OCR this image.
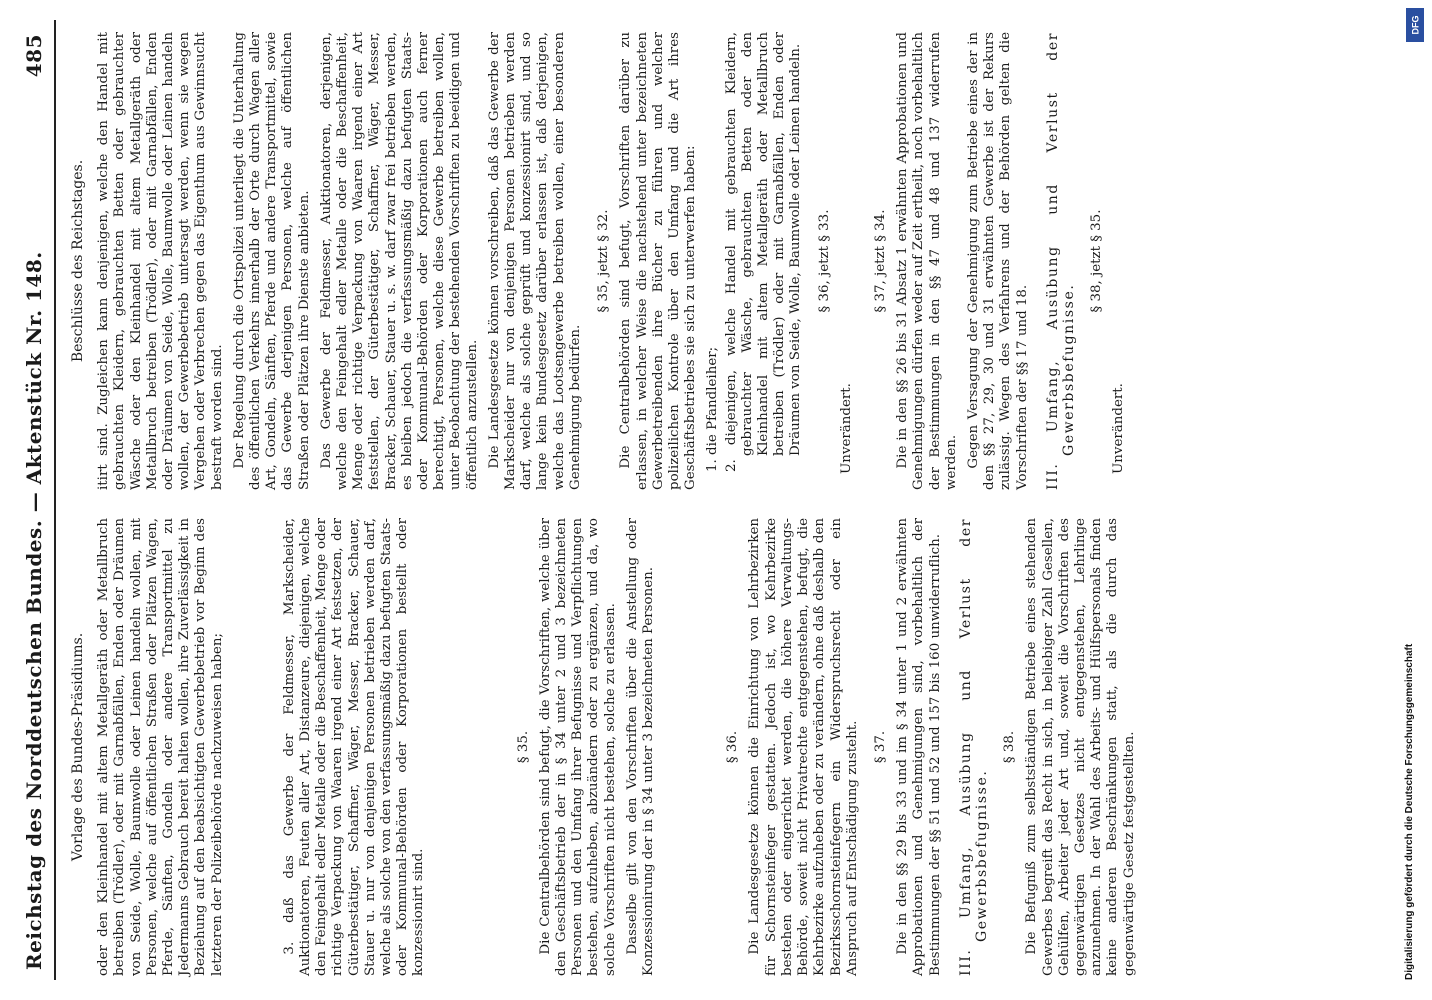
Reichstag des Norddeutschen Bundes. — Aktenstück Nr. 148.
485
Vorlage des Bundes-Präsidiums. oder den Kleinhandel mit altem Metallgeräth oder Metallbruch betreiben (Trödler), oder mit Garnabfällen, Enden oder Dräumen von Seide, Wolle, Baumwolle oder Leinen handeln wollen, mit Personen, welche auf öffentlichen Straßen oder Plätzen Wagen, Pferde, Sänften, Gondeln oder andere Transportmittel zu Jedermanns Gebrauch bereit halten wollen, ihre Zuverlässigkeit in Beziehung auf den beabsichtigten Gewerbebetrieb vor Beginn des letzteren der Polizeibehörde nachzuweisen haben;	3. daß das Gewerbe der Feldmesser, Markscheider, Auktionatoren, Feuten aller Art, Distanzeure, diejenigen, welche den Feingehalt edler Metalle oder die Beschaffenheit, Menge oder richtige Verpackung von Waaren irgend einer Art festsetzen, der Güterbestätiger, Schaffner, Wäger, Messer, Bracker, Schauer, Stauer u. nur von denjenigen Personen betrieben werden darf, welche als solche von den verfassungsmäßig dazu befugten Staats- oder Kommunal-Behörden oder Korporationen bestellt oder konzessionirt sind.

§ 35. Die Centralbehörden sind befugt, die Vorschriften, welche über den Geschäftsbetrieb der in § 34 unter 2 und 3 bezeichneten Personen und den Umfang ihrer Befugnisse und Verpflichtungen bestehen, aufzuheben, abzuändern oder zu ergänzen, und da, wo solche Vorschriften nicht bestehen, solche zu erlassen. Dasselbe gilt von den Vorschriften über die Anstellung oder Konzessionirung der in § 34 unter 3 bezeichneten Personen.	§ 36. Die Landesgesetze können die Einrichtung von Lehrbezirken für Schornsteinfeger gestatten. Jedoch ist, wo Kehrbezirke bestehen oder eingerichtet werden, die höhere Verwaltungs-Behörde, soweit nicht Privatrechte entgegenstehen, befugt, die Kehrbezirke aufzuheben oder zu verändern, ohne daß deshalb den Bezirksschornsteinfegern ein Widerspruchsrecht oder ein Anspruch auf Entschädigung zusteht. § 37. Die in den §§ 29 bis 33 und im § 34 unter 1 und 2 erwähnten Approbationen und Genehmigungen sind, vorbehaltlich der Bestimmungen der §§ 51 und 52 und 157 bis 160 unwiderruflich. III. Umfang, Ausübung und Verlust der Gewerbsbefugnisse.
§ 38. Die Befugniß zum selbstständigen Betriebe eines stehenden Gewerbes begreift das Recht in sich, in beliebiger Zahl Gesellen, Gehülfen, Arbeiter jeder Art und, soweit die Vorschriften des gegenwärtigen Gesetzes nicht entgegenstehen, Lehrlinge anzunehmen. In der Wahl des Arbeits- und Hülfspersonals finden keine anderen Beschränkungen statt, als die durch das gegenwärtige Gesetz festgestellten.

Beschlüsse des Reichstages. itirt sind. Zugleichen kann denjenigen, welche den Handel mit gebrauchten Kleidern, gebrauchten Betten oder gebrauchter Wäsche oder den Kleinhandel mit altem Metallgeräth oder Metallbruch betreiben (Trödler), oder mit Garnabfällen, Enden oder Dräumen von Seide, Wolle, Baumwolle oder Leinen handeln wollen, der Gewerbebetrieb untersagt werden, wenn sie wegen Vergehen oder Verbrechen gegen das Eigenthum aus Gewinnsucht bestraft worden sind. Der Regelung durch die Ortspolizei unterliegt die Unterhaltung des öffentlichen Verkehrs innerhalb der Orte durch Wagen aller Art, Gondeln, Sänften, Pferde und andere Transportmittel, sowie das Gewerbe derjenigen Personen, welche auf öffentlichen Straßen oder Plätzen ihre Dienste anbieten. Das Gewerbe der Feldmesser, Auktionatoren, derjenigen, welche den Feingehalt edler Metalle oder die Beschaffenheit, Menge oder richtige Verpackung von Waaren irgend einer Art feststellen, der Güterbestätiger, Schaffner, Wäger, Messer, Bracker, Schauer, Stauer u. s. w. darf zwar frei betrieben werden, es bleiben jedoch die verfassungsmäßig dazu befugten Staats- oder Kommunal-Behörden oder Korporationen auch ferner berechtigt, Personen, welche diese Gewerbe betreiben wollen, unter Beobachtung der bestehenden Vorschriften zu beeidigen und öffentlich anzustellen. Die Landesgesetze können vorschreiben, daß das Gewerbe der Markscheider nur von denjenigen Personen betrieben werden darf, welche als solche geprüft und konzessionirt sind, und so lange kein Bundesgesetz darüber erlassen ist, daß derjenigen, welche das Lootsengewerbe betreiben wollen, einer besonderen Genehmigung bedürfen.

§ 35, jetzt § 32. Die Centralbehörden sind befugt, Vorschriften darüber zu erlassen, in welcher Weise die nachstehend unter bezeichneten Gewerbetreibenden ihre Bücher zu führen und welcher polizeilichen Kontrole über den Umfang und die Art ihres Geschäftsbetriebes sie sich zu unterwerfen haben: 1. die Pfandleiher; 2. diejenigen, welche Handel mit gebrauchten Kleidern, gebrauchter Wäsche, gebrauchten Betten oder den Kleinhandel mit altem Metallgeräth oder Metallbruch betreiben (Trödler) oder mit Garnabfällen, Enden oder Dräumen von Seide, Wolle, Baumwolle oder Leinen handeln. § 36, jetzt § 33.
Unverändert.
§ 37, jetzt § 34. Die in den §§ 26 bis 31 Absatz 1 erwähnten Approbationen und Genehmigungen dürfen weder auf Zeit ertheilt, noch vorbehaltlich der Bestimmungen in den §§ 47 und 48 und 137 widerrufen werden. Gegen Versagung der Genehmigung zum Betriebe eines der in den §§ 27, 29, 30 und 31 erwähnten Gewerbe ist der Rekurs zulässig. Wegen des Verfahrens und der Behörden gelten die Vorschriften der §§ 17 und 18. III. Umfang, Ausübung und Verlust der Gewerbsbefugnisse.
§ 38, jetzt § 35.
Unverändert.
Digitalisierung gefördert durch die Deutsche Forschungsgemeinschaft
DFG
